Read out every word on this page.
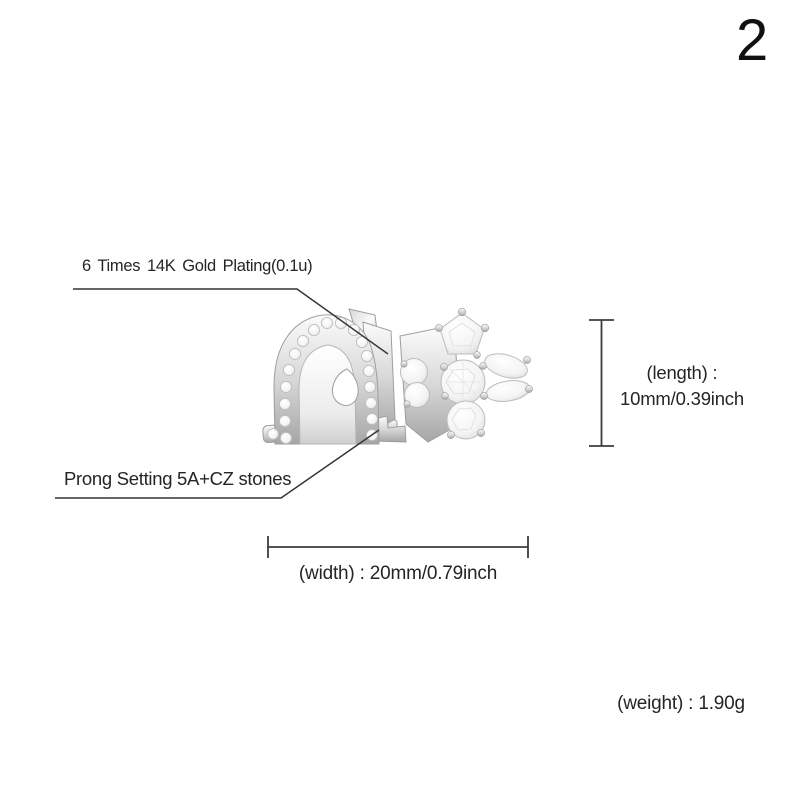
2
6 Times 14K Gold Plating(0.1u)
Prong Setting 5A+CZ stones
(length) :
10mm/0.39inch
(width) : 20mm/0.79inch
(weight) : 1.90g
